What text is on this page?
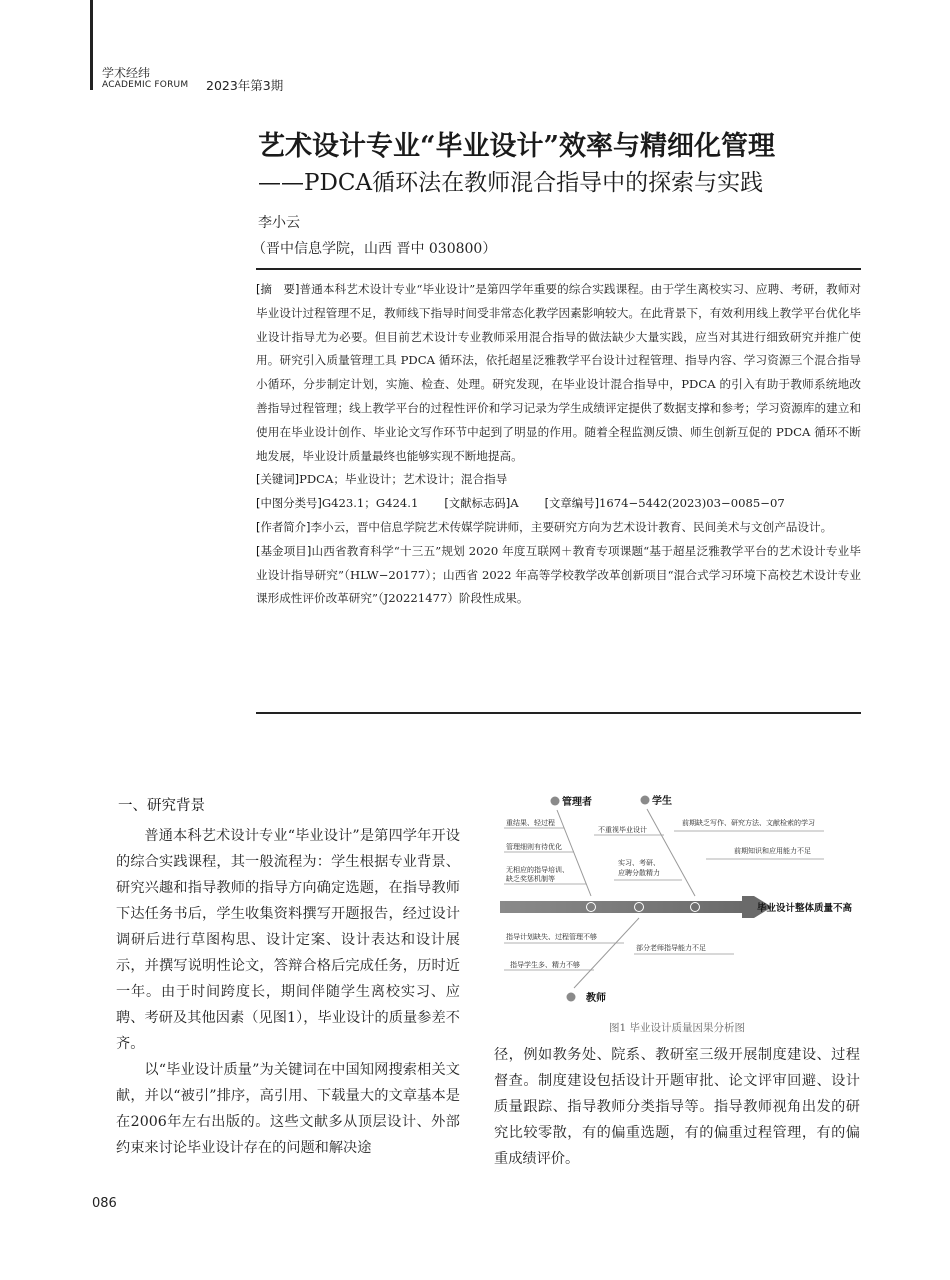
学术经纬
ACADEMIC FORUM 2023年第3期
艺术设计专业“毕业设计”效率与精细化管理
——PDCA循环法在教师混合指导中的探索与实践
李小云
（晋中信息学院，山西 晋中 030800）

[摘　要]普通本科艺术设计专业“毕业设计”是第四学年重要的综合实践课程。由于学生离校实习、应聘、考研，教师对毕业设计过程管理不足，教师线下指导时间受非常态化教学因素影响较大。在此背景下，有效利用线上教学平台优化毕业设计指导尤为必要。但目前艺术设计专业教师采用混合指导的做法缺少大量实践，应当对其进行细致研究并推广使用。研究引入质量管理工具 PDCA 循环法，依托超星泛雅教学平台设计过程管理、指导内容、学习资源三个混合指导小循环，分步制定计划，实施、检查、处理。研究发现，在毕业设计混合指导中，PDCA 的引入有助于教师系统地改善指导过程管理；线上教学平台的过程性评价和学习记录为学生成绩评定提供了数据支撑和参考；学习资源库的建立和使用在毕业设计创作、毕业论文写作环节中起到了明显的作用。随着全程监测反馈、师生创新互促的 PDCA 循环不断地发展，毕业设计质量最终也能够实现不断地提高。

[关键词]PDCA；毕业设计；艺术设计；混合指导

[中图分类号]G423.1；G424.1 [文献标志码]A [文章编号]1674−5442(2023)03−0085−07

[作者简介]李小云，晋中信息学院艺术传媒学院讲师，主要研究方向为艺术设计教育、民间美术与文创产品设计。

[基金项目]山西省教育科学“十三五”规划 2020 年度互联网＋教育专项课题“基于超星泛雅教学平台的艺术设计专业毕业设计指导研究”（HLW−20177）；山西省 2022 年高等学校教学改革创新项目“混合式学习环境下高校艺术设计专业课形成性评价改革研究”（J20221477）阶段性成果。

一、研究背景

普通本科艺术设计专业“毕业设计”是第四学年开设的综合实践课程，其一般流程为：学生根据专业背景、研究兴趣和指导教师的指导方向确定选题，在指导教师下达任务书后，学生收集资料撰写开题报告，经过设计调研后进行草图构思、设计定案、设计表达和设计展示，并撰写说明性论文，答辩合格后完成任务，历时近一年。由于时间跨度长，期间伴随学生离校实习、应聘、考研及其他因素（见图1），毕业设计的质量参差不齐。

以“毕业设计质量”为关键词在中国知网搜索相关文献，并以“被引”排序，高引用、下载量大的文章基本是在2006年左右出版的。这些文献多从顶层设计、外部约束来讨论毕业设计存在的问题和解决途

毕业设计整体质量不高
管理者
重结果、轻过程
管理细则有待优化
无相应的指导培训、
缺乏奖惩机制等
学生
不重视毕业设计
前期缺乏写作、研究方法、文献检索的学习
前期知识和应用能力不足
实习、考研、
应聘分散精力
教师
指导计划缺失、过程管理不够
部分老师指导能力不足
指导学生多、精力不够
图1 毕业设计质量因果分析图

径，例如教务处、院系、教研室三级开展制度建设、过程督查。制度建设包括设计开题审批、论文评审回避、设计质量跟踪、指导教师分类指导等。指导教师视角出发的研究比较零散，有的偏重选题，有的偏重过程管理，有的偏重成绩评价。

086
